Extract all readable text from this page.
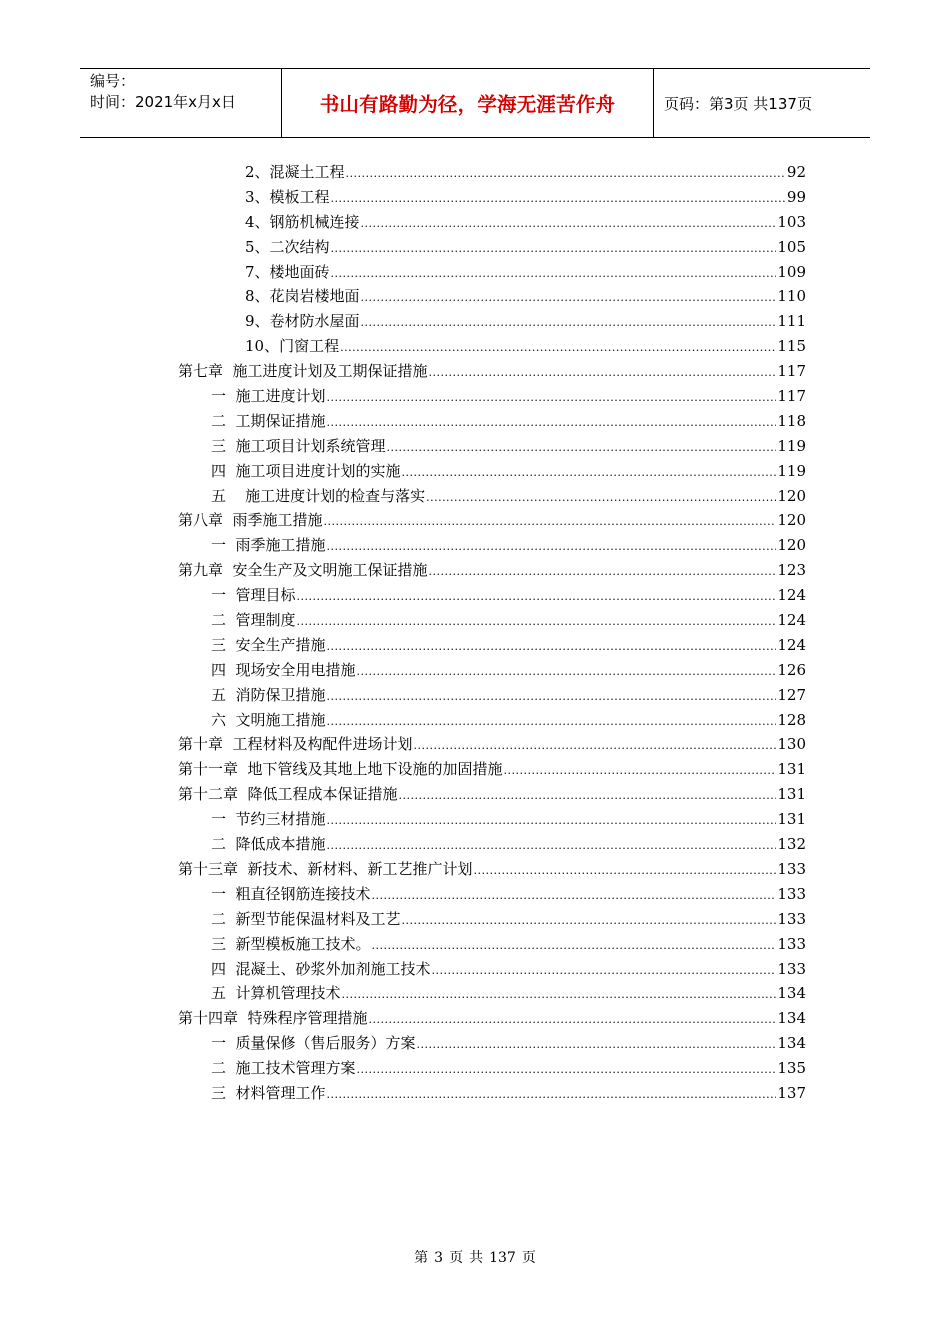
编号：
时间：2021年x月x日	书山有路勤为径，学海无涯苦作舟	页码：第3页 共137页
2、混凝土工程 .....	92
3、模板工程 .....	99
4、钢筋机械连接 .....	103
5、二次结构 .....	105
7、楼地面砖 .....	109
8、花岗岩楼地面 .....	110
9、卷材防水屋面 .....	111
10、门窗工程 .....	115
第七章  施工进度计划及工期保证措施 .....	117
一  施工进度计划 .....	117
二  工期保证措施 .....	118
三  施工项目计划系统管理 .....	119
四  施工项目进度计划的实施 .....	119
五    施工进度计划的检查与落实 .....	120
第八章  雨季施工措施 .....	120
一  雨季施工措施 .....	120
第九章  安全生产及文明施工保证措施 .....	123
一  管理目标 .....	124
二  管理制度 .....	124
三  安全生产措施 .....	124
四  现场安全用电措施 .....	126
五  消防保卫措施 .....	127
六  文明施工措施 .....	128
第十章  工程材料及构配件进场计划 .....	130
第十一章  地下管线及其地上地下设施的加固措施 .....	131
第十二章  降低工程成本保证措施 .....	131
一  节约三材措施 .....	131
二  降低成本措施 .....	132
第十三章  新技术、新材料、新工艺推广计划 .....	133
一  粗直径钢筋连接技术 .....	133
二  新型节能保温材料及工艺 .....	133
三  新型模板施工技术。 .....	133
四  混凝土、砂浆外加剂施工技术 .....	133
五  计算机管理技术 .....	134
第十四章  特殊程序管理措施 .....	134
一  质量保修（售后服务）方案 .....	134
二  施工技术管理方案 .....	135
三  材料管理工作 .....	137
第 3 页 共 137 页
